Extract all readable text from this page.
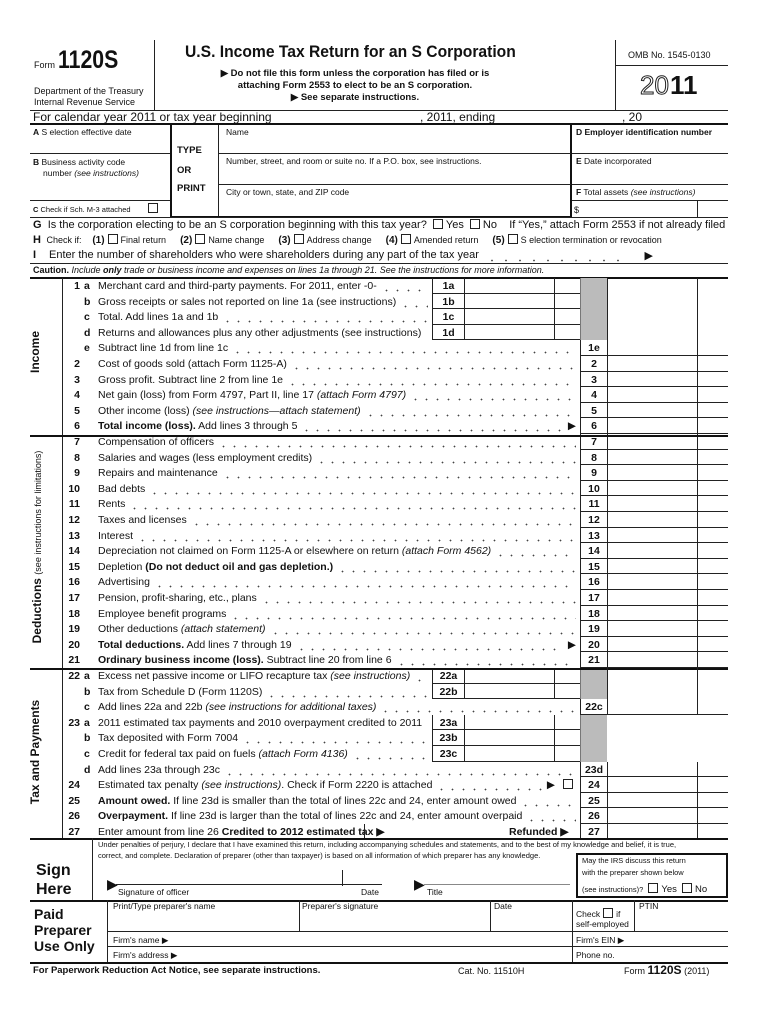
Form 1120S
Department of the Treasury
Internal Revenue Service
U.S. Income Tax Return for an S Corporation
▶ Do not file this form unless the corporation has filed or is
attaching Form 2553 to elect to be an S corporation.
▶ See separate instructions.
OMB No. 1545-0130
20 11
For calendar year 2011 or tax year beginning	, 2011, ending	, 20
A S election effective date
B Business activity code
number (see instructions)
C Check if Sch. M-3 attached
TYPE
OR
PRINT
Name
Number, street, and room or suite no. If a P.O. box, see instructions.
City or town, state, and ZIP code
D Employer identification number
E Date incorporated
F Total assets (see instructions)
$
G Is the corporation electing to be an S corporation beginning with this tax year? Yes No If “Yes,” attach Form 2553 if not already filed
H Check if: (1) Final return (2) Name change (3) Address change (4) Amended return (5) S election termination or revocation
I	Enter the number of shareholders who were shareholders during any part of the tax year	▶
Caution. Include only trade or business income and expenses on lines 1a through 21. See the instructions for more information.
Income
Deductions (see instructions for limitations)
Tax and Payments
1 a Merchant card and third-party payments. For 2011, enter -0-	1a
b Gross receipts or sales not reported on line 1a (see instructions)	1b
c Total. Add lines 1a and 1b	1c
d Returns and allowances plus any other adjustments (see instructions)	1d
e Subtract line 1d from line 1c	1e
2 Cost of goods sold (attach Form 1125-A)	2
3 Gross profit. Subtract line 2 from line 1e	3
4 Net gain (loss) from Form 4797, Part II, line 17 (attach Form 4797)	4
5 Other income (loss) (see instructions—attach statement)	5
6 Total income (loss). Add lines 3 through 5	▶	6
7 Compensation of officers	7
8 Salaries and wages (less employment credits)	8
9 Repairs and maintenance	9
10 Bad debts	10
11 Rents	11
12 Taxes and licenses	12
13 Interest	13
14 Depreciation not claimed on Form 1125-A or elsewhere on return (attach Form 4562)	14
15 Depletion (Do not deduct oil and gas depletion.)	15
16 Advertising	16
17 Pension, profit-sharing, etc., plans	17
18 Employee benefit programs	18
19 Other deductions (attach statement)	19
20 Total deductions. Add lines 7 through 19	▶	20
21 Ordinary business income (loss). Subtract line 20 from line 6	21
22 a Excess net passive income or LIFO recapture tax (see instructions)	22a
b Tax from Schedule D (Form 1120S)	22b
c Add lines 22a and 22b (see instructions for additional taxes)	22c
23 a 2011 estimated tax payments and 2010 overpayment credited to 2011	23a
b Tax deposited with Form 7004	23b
c Credit for federal tax paid on fuels (attach Form 4136)	23c
d Add lines 23a through 23c	23d
24 Estimated tax penalty (see instructions) . Check if Form 2220 is attached	▶	24
25 Amount owed. If line 23d is smaller than the total of lines 22c and 24, enter amount owed	25
26 Overpayment. If line 23d is larger than the total of lines 22c and 24, enter amount overpaid	26
27 Enter amount from line 26 Credited to 2012 estimated tax ▶	Refunded ▶	27
Under penalties of perjury, I declare that I have examined this return, including accompanying schedules and statements, and to the best of my knowledge and belief, it is true,
correct, and complete. Declaration of preparer (other than taxpayer) is based on all information of which preparer has any knowledge.
Sign
Here	▶ Signature of officer	Date	▶ Title
May the IRS discuss this return
with the preparer shown below
(see instructions)? Yes No
Paid
Preparer
Use Only
Print/Type preparer's name	Preparer's signature	Date
Check if
self-employed
PTIN
Firm's name ▶	Firm's EIN ▶
Firm's address ▶	Phone no.
For Paperwork Reduction Act Notice, see separate instructions.	Cat. No. 11510H	Form 1120S (2011)
